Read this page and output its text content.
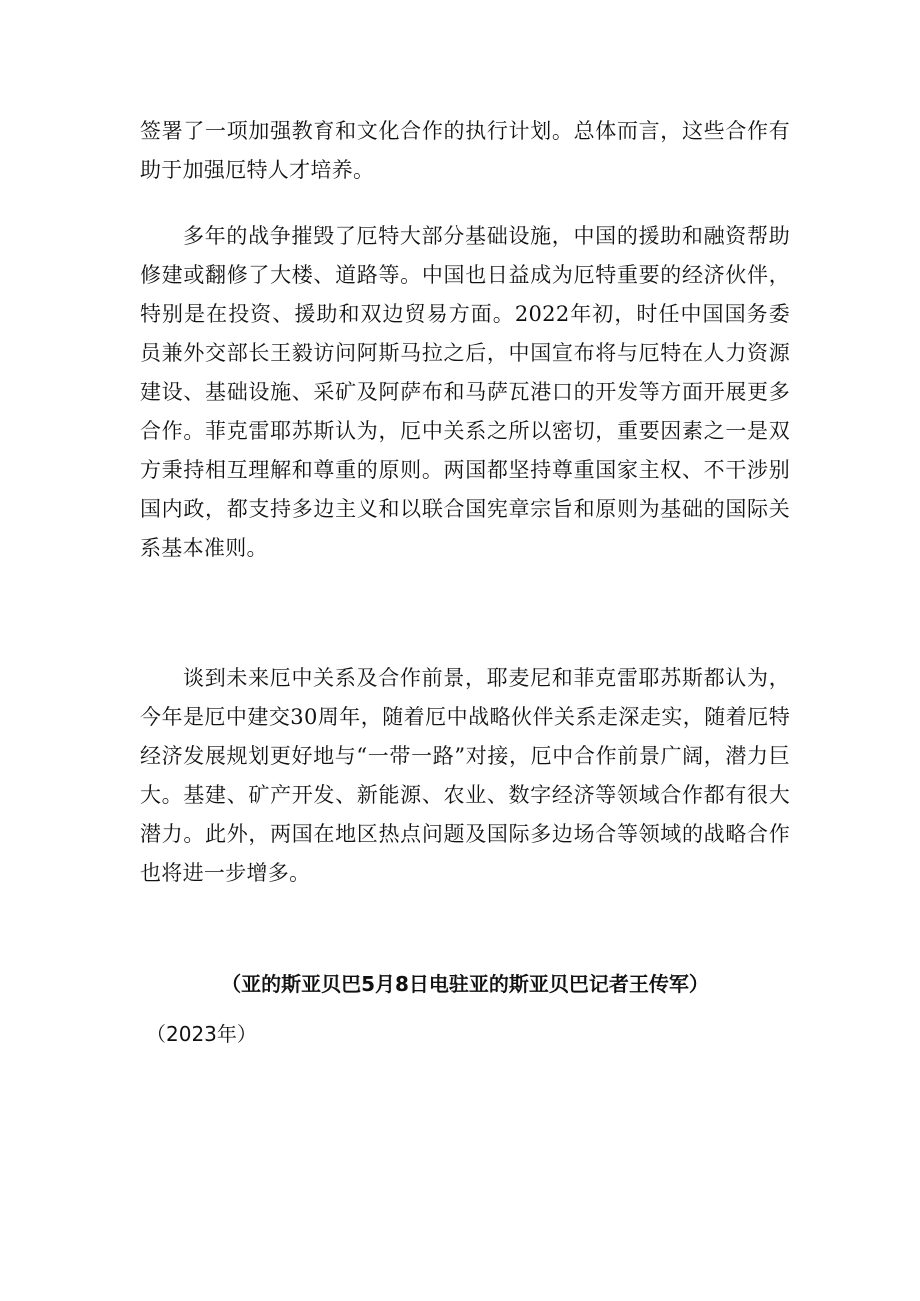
签署了一项加强教育和文化合作的执行计划。总体而言，这些合作有助于加强厄特人才培养。

多年的战争摧毁了厄特大部分基础设施，中国的援助和融资帮助修建或翻修了大楼、道路等。中国也日益成为厄特重要的经济伙伴，特别是在投资、援助和双边贸易方面。2022年初，时任中国国务委员兼外交部长王毅访问阿斯马拉之后，中国宣布将与厄特在人力资源建设、基础设施、采矿及阿萨布和马萨瓦港口的开发等方面开展更多合作。菲克雷耶苏斯认为，厄中关系之所以密切，重要因素之一是双方秉持相互理解和尊重的原则。两国都坚持尊重国家主权、不干涉别国内政，都支持多边主义和以联合国宪章宗旨和原则为基础的国际关系基本准则。

谈到未来厄中关系及合作前景，耶麦尼和菲克雷耶苏斯都认为，今年是厄中建交30周年，随着厄中战略伙伴关系走深走实，随着厄特经济发展规划更好地与“一带一路”对接，厄中合作前景广阔，潜力巨大。基建、矿产开发、新能源、农业、数字经济等领域合作都有很大潜力。此外，两国在地区热点问题及国际多边场合等领域的战略合作也将进一步增多。

（亚的斯亚贝巴5月8日电驻亚的斯亚贝巴记者王传军）

（2023年）
